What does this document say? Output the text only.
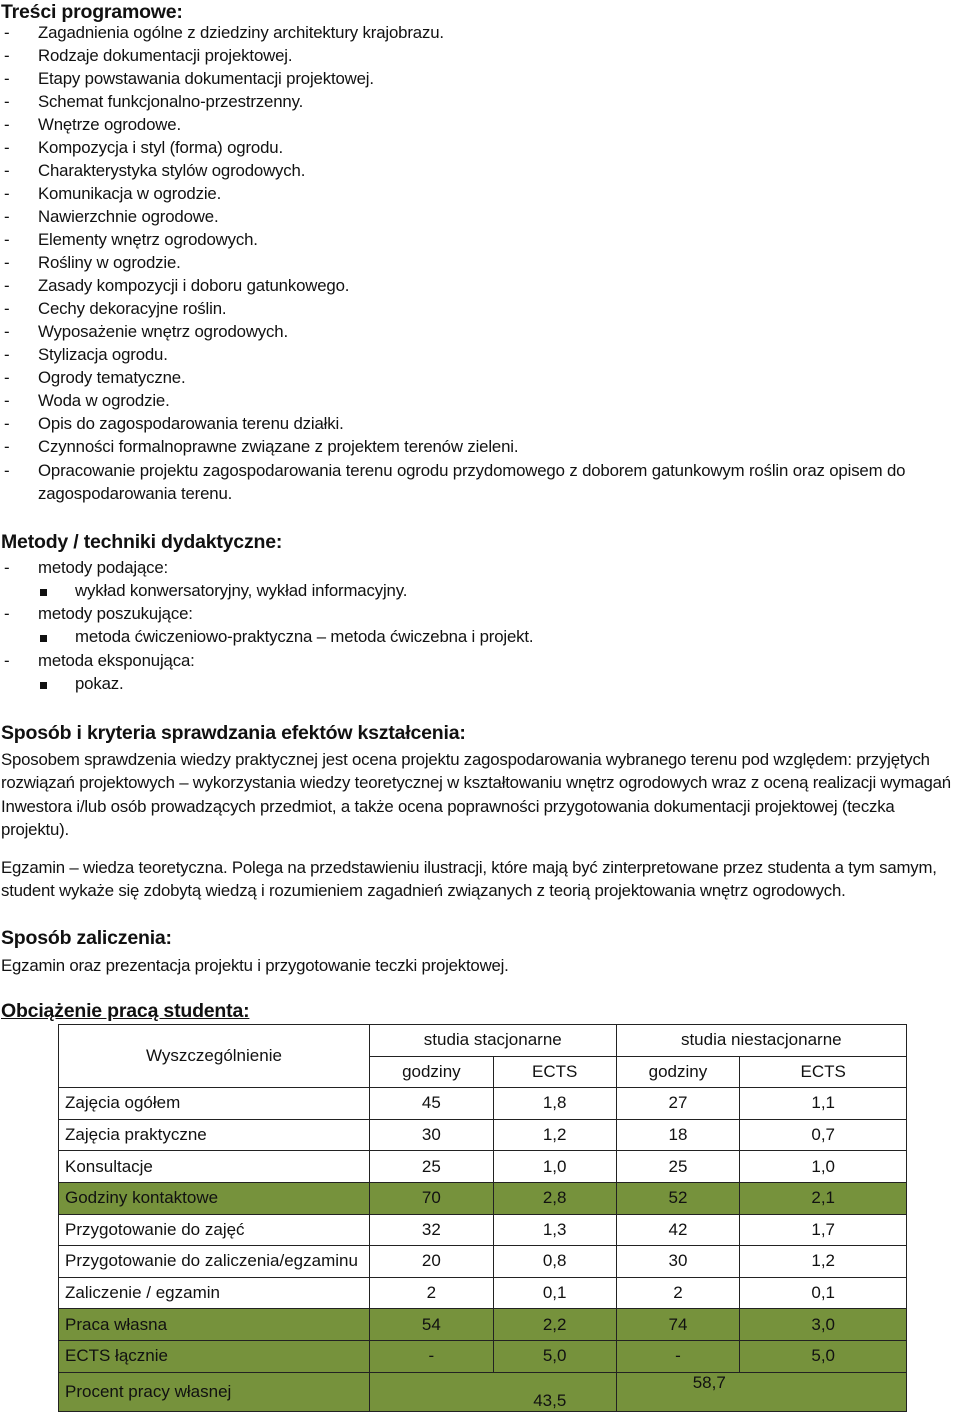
Treści programowe:
- Zagadnienia ogólne z dziedziny architektury krajobrazu.
- Rodzaje dokumentacji projektowej.
- Etapy powstawania dokumentacji projektowej.
- Schemat funkcjonalno-przestrzenny.
- Wnętrze ogrodowe.
- Kompozycja i styl (forma) ogrodu.
- Charakterystyka stylów ogrodowych.
- Komunikacja w ogrodzie.
- Nawierzchnie ogrodowe.
- Elementy wnętrz ogrodowych.
- Rośliny w ogrodzie.
- Zasady kompozycji i doboru gatunkowego.
- Cechy dekoracyjne roślin.
- Wyposażenie wnętrz ogrodowych.
- Stylizacja ogrodu.
- Ogrody tematyczne.
- Woda w ogrodzie.
- Opis do zagospodarowania terenu działki.
- Czynności formalnoprawne związane z projektem terenów zieleni.
- Opracowanie projektu zagospodarowania terenu ogrodu przydomowego z doborem gatunkowym roślin oraz opisem do
zagospodarowania terenu.
Metody / techniki dydaktyczne:
- metody podające:
wykład konwersatoryjny, wykład informacyjny.
- metody poszukujące:
metoda ćwiczeniowo-praktyczna – metoda ćwiczebna i projekt.
- metoda eksponująca:
pokaz.
Sposób i kryteria sprawdzania efektów kształcenia:
Sposobem sprawdzenia wiedzy praktycznej jest ocena projektu zagospodarowania wybranego terenu pod względem: przyjętych rozwiązań projektowych – wykorzystania wiedzy teoretycznej w kształtowaniu wnętrz ogrodowych wraz z oceną realizacji wymagań Inwestora i/lub osób prowadzących przedmiot, a także ocena poprawności przygotowania dokumentacji projektowej (teczka projektu).
Egzamin – wiedza teoretyczna. Polega na przedstawieniu ilustracji, które mają być zinterpretowane przez studenta a tym samym, student wykaże się zdobytą wiedzą i rozumieniem zagadnień związanych z teorią projektowania wnętrz ogrodowych.
Sposób zaliczenia:
Egzamin oraz prezentacja projektu i przygotowanie teczki projektowej.
Obciążenie pracą studenta:
Wyszczególnienie	studia stacjonarne		studia niestacjonarne	
	godziny	ECTS	godziny	ECTS
Zajęcia ogółem	45	1,8	27	1,1
Zajęcia praktyczne	30	1,2	18	0,7
Konsultacje	25	1,0	25	1,0
Godziny kontaktowe	70	2,8	52	2,1
Przygotowanie do zajęć	32	1,3	42	1,7
Przygotowanie do zaliczenia/egzaminu	20	0,8	30	1,2
Zaliczenie / egzamin	2	0,1	2	0,1
Praca własna	54	2,2	74	3,0
ECTS łącznie	-	5,0	-	5,0
Procent pracy własnej	43,5		58,7	
